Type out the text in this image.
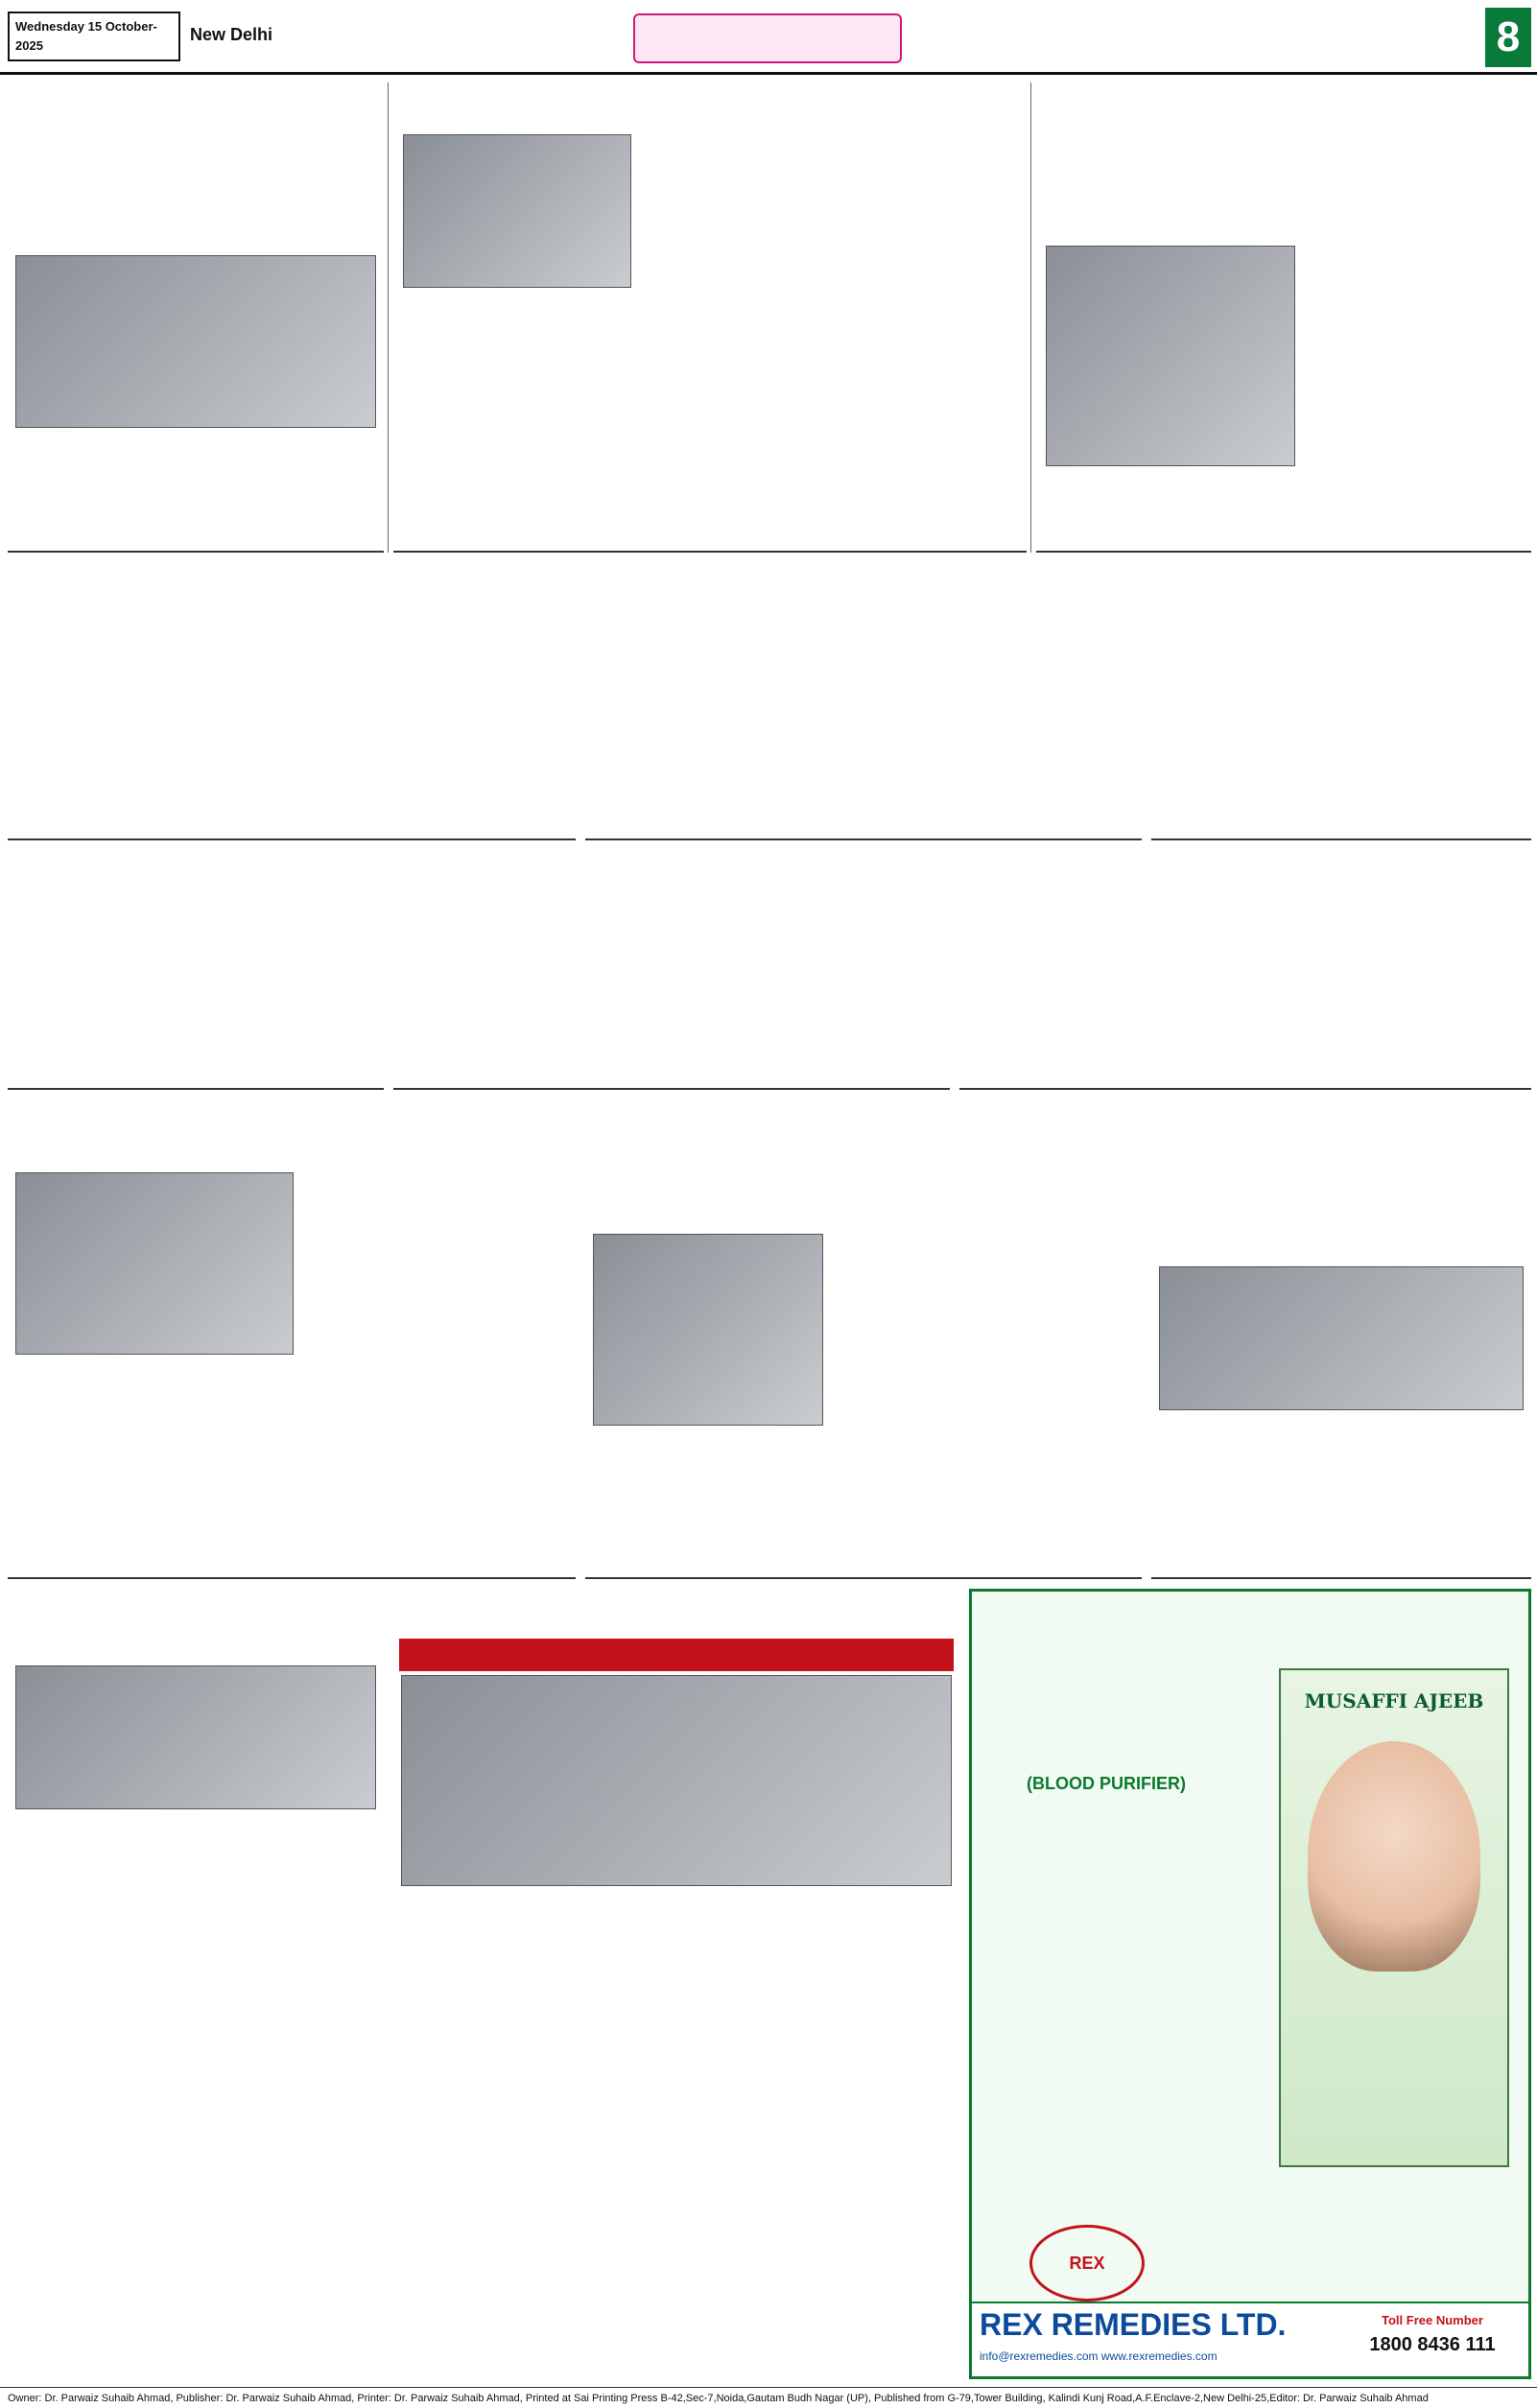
Wednesday 15 October-2025
New Delhi	8
(BLOOD PURIFIER)
MUSAFFI AJEEB
REX
REX REMEDIES LTD.
info@rexremedies.com www.rexremedies.com
Toll Free Number
1800 8436 111
Owner: Dr. Parwaiz Suhaib Ahmad, Publisher: Dr. Parwaiz Suhaib Ahmad, Printer: Dr. Parwaiz Suhaib Ahmad, Printed at Sai Printing Press B-42,Sec-7,Noida,Gautam Budh Nagar (UP), Published from G-79,Tower Building, Kalindi Kunj Road,A.F.Enclave-2,New Delhi-25,Editor: Dr. Parwaiz Suhaib Ahmad
